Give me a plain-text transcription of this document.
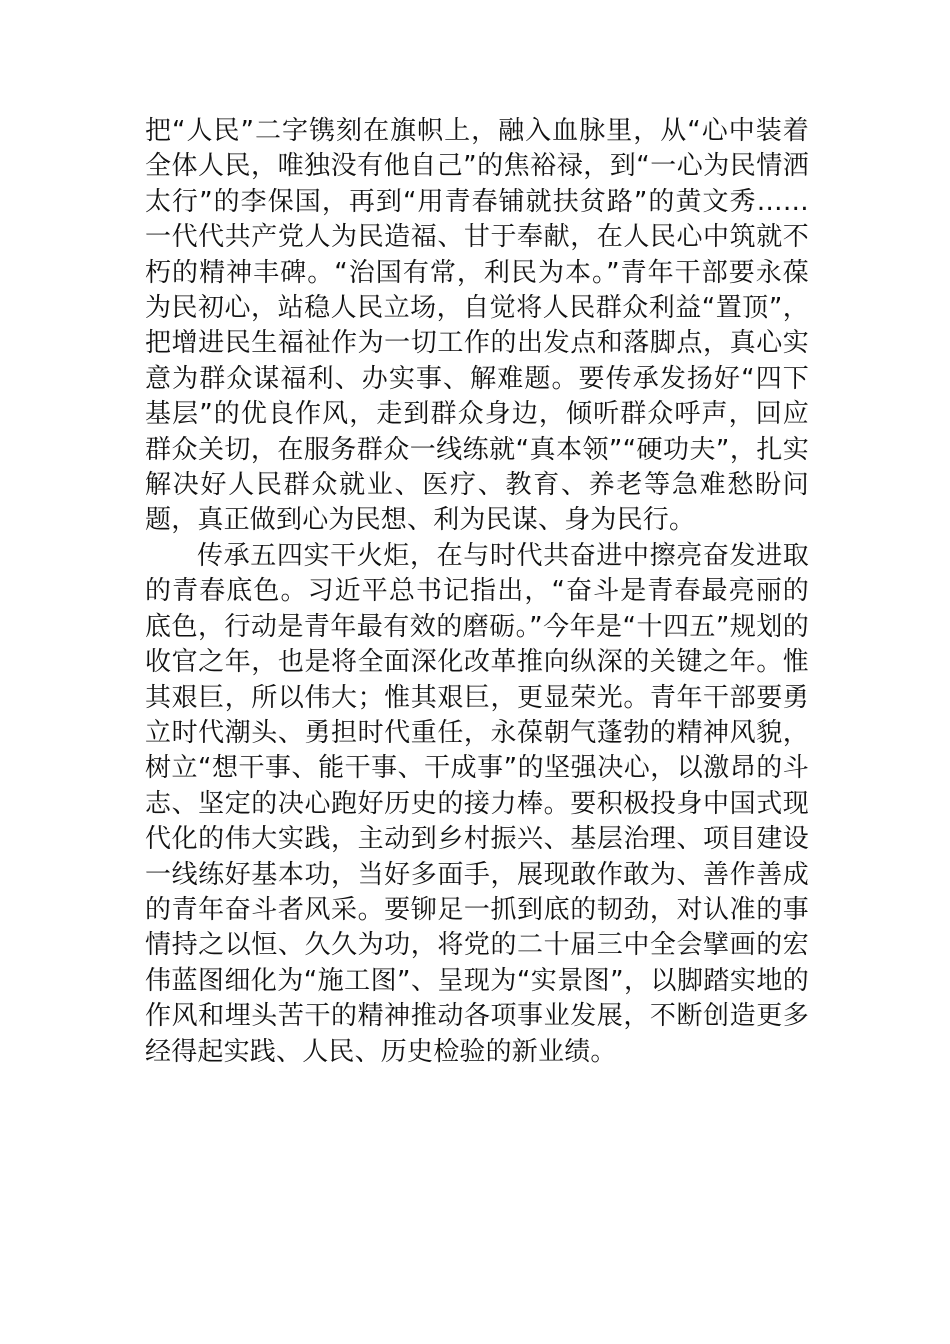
把“人民”二字镌刻在旗帜上，融入血脉里，从“心中装着全体人民，唯独没有他自己”的焦裕禄，到“一心为民情洒太行”的李保国，再到“用青春铺就扶贫路”的黄文秀……一代代共产党人为民造福、甘于奉献，在人民心中筑就不朽的精神丰碑。“治国有常，利民为本。”青年干部要永葆为民初心，站稳人民立场，自觉将人民群众利益“置顶”，把增进民生福祉作为一切工作的出发点和落脚点，真心实意为群众谋福利、办实事、解难题。要传承发扬好“四下基层”的优良作风，走到群众身边，倾听群众呼声，回应群众关切，在服务群众一线练就“真本领”“硬功夫”，扎实解决好人民群众就业、医疗、教育、养老等急难愁盼问题，真正做到心为民想、利为民谋、身为民行。

传承五四实干火炬，在与时代共奋进中擦亮奋发进取的青春底色。习近平总书记指出，“奋斗是青春最亮丽的底色，行动是青年最有效的磨砺。”今年是“十四五”规划的收官之年，也是将全面深化改革推向纵深的关键之年。惟其艰巨，所以伟大；惟其艰巨，更显荣光。青年干部要勇立时代潮头、勇担时代重任，永葆朝气蓬勃的精神风貌，树立“想干事、能干事、干成事”的坚强决心，以激昂的斗志、坚定的决心跑好历史的接力棒。要积极投身中国式现代化的伟大实践，主动到乡村振兴、基层治理、项目建设一线练好基本功，当好多面手，展现敢作敢为、善作善成的青年奋斗者风采。要铆足一抓到底的韧劲，对认准的事情持之以恒、久久为功，将党的二十届三中全会擘画的宏伟蓝图细化为“施工图”、呈现为“实景图”，以脚踏实地的作风和埋头苦干的精神推动各项事业发展，不断创造更多经得起实践、人民、历史检验的新业绩。
